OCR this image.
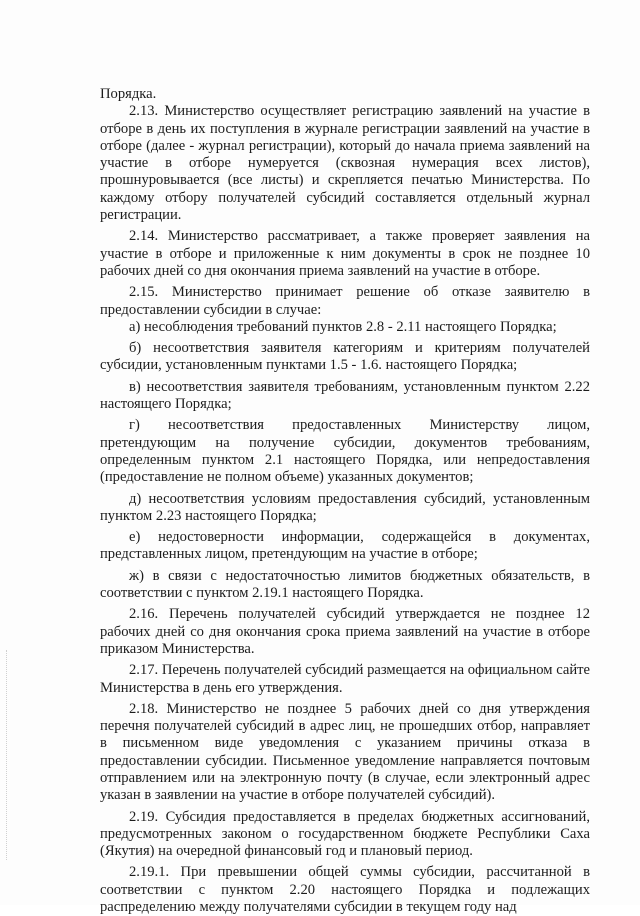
Порядка.

2.13. Министерство осуществляет регистрацию заявлений на участие в отборе в день их поступления в журнале регистрации заявлений на участие в отборе (далее - журнал регистрации), который до начала приема заявлений на участие в отборе нумеруется (сквозная нумерация всех листов), прошнуровывается (все листы) и скрепляется печатью Министерства. По каждому отбору получателей субсидий составляется отдельный журнал регистрации.

2.14. Министерство рассматривает, а также проверяет заявления на участие в отборе и приложенные к ним документы в срок не позднее 10 рабочих дней со дня окончания приема заявлений на участие в отборе.

2.15. Министерство принимает решение об отказе заявителю в предоставлении субсидии в случае:

а) несоблюдения требований пунктов 2.8 - 2.11 настоящего Порядка;

б) несоответствия заявителя категориям и критериям получателей субсидии, установленным пунктами 1.5 - 1.6. настоящего Порядка;

в) несоответствия заявителя требованиям, установленным пунктом 2.22 настоящего Порядка;

г) несоответствия предоставленных Министерству лицом, претендующим на получение субсидии, документов требованиям, определенным пунктом 2.1 настоящего Порядка, или непредоставления (предоставление не полном объеме) указанных документов;

д) несоответствия условиям предоставления субсидий, установленным пунктом 2.23 настоящего Порядка;

е) недостоверности информации, содержащейся в документах, представленных лицом, претендующим на участие в отборе;

ж) в связи с недостаточностью лимитов бюджетных обязательств, в соответствии с пунктом 2.19.1 настоящего Порядка.

2.16. Перечень получателей субсидий утверждается не позднее 12 рабочих дней со дня окончания срока приема заявлений на участие в отборе приказом Министерства.

2.17. Перечень получателей субсидий размещается на официальном сайте Министерства в день его утверждения.

2.18. Министерство не позднее 5 рабочих дней со дня утверждения перечня получателей субсидий в адрес лиц, не прошедших отбор, направляет в письменном виде уведомления с указанием причины отказа в предоставлении субсидии. Письменное уведомление направляется почтовым отправлением или на электронную почту (в случае, если электронный адрес указан в заявлении на участие в отборе получателей субсидий).

2.19. Субсидия предоставляется в пределах бюджетных ассигнований, предусмотренных законом о государственном бюджете Республики Саха (Якутия) на очередной финансовый год и плановый период.

2.19.1. При превышении общей суммы субсидии, рассчитанной в соответствии с пунктом 2.20 настоящего Порядка и подлежащих распределению между получателями субсидии в текущем году над
